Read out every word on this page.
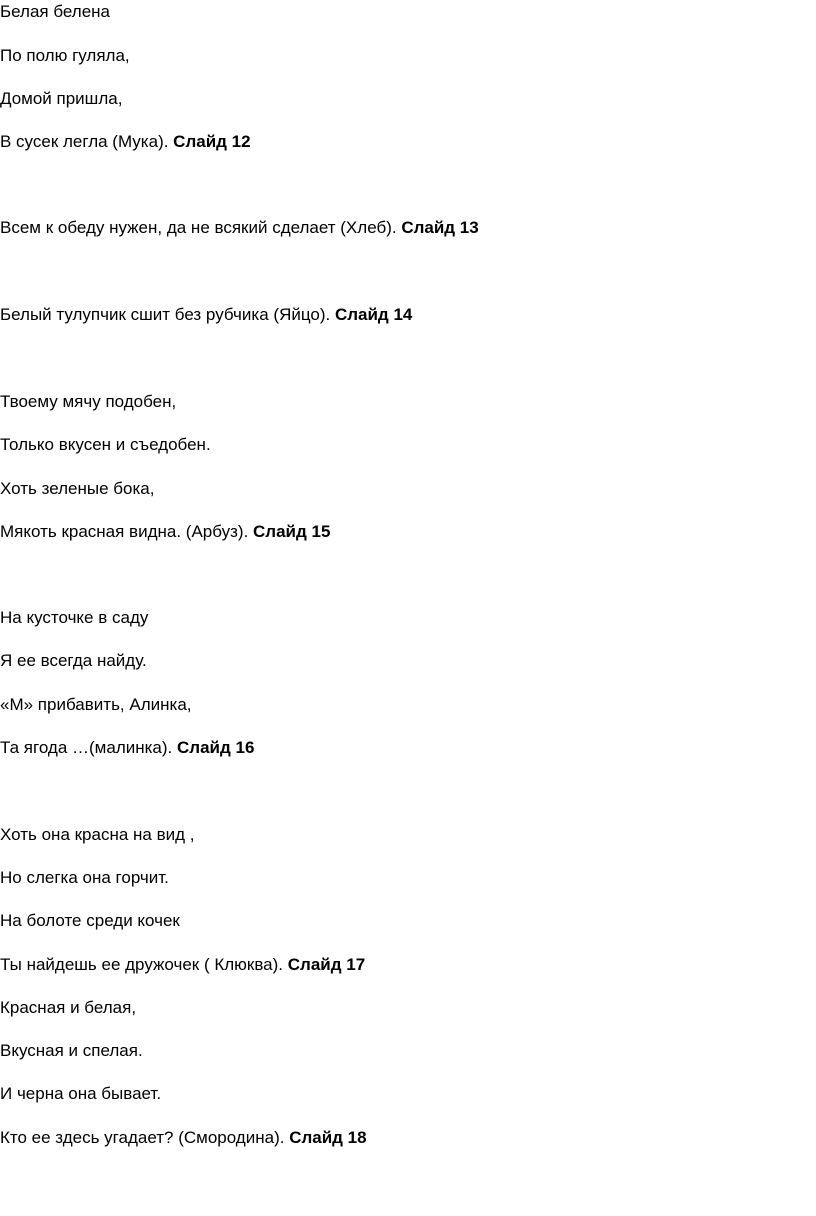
Белая белена

По полю гуляла,

Домой пришла,

В сусек легла (Мука). Слайд 12

Всем к обеду нужен, да не всякий сделает (Хлеб). Слайд 13

Белый тулупчик сшит без рубчика (Яйцо). Слайд 14

Твоему мячу подобен,

Только вкусен и съедобен.

Хоть зеленые бока,

Мякоть красная видна. (Арбуз). Слайд 15

На кусточке в саду

Я ее всегда найду.

«М» прибавить, Алинка,

Та ягода …(малинка). Слайд 16

Хоть она красна на вид ,

Но слегка она горчит.

На болоте среди кочек

Ты найдешь ее дружочек ( Клюква). Слайд 17

Красная и белая,

Вкусная и спелая.

И черна она бывает.

Кто ее здесь угадает? (Смородина). Слайд 18
